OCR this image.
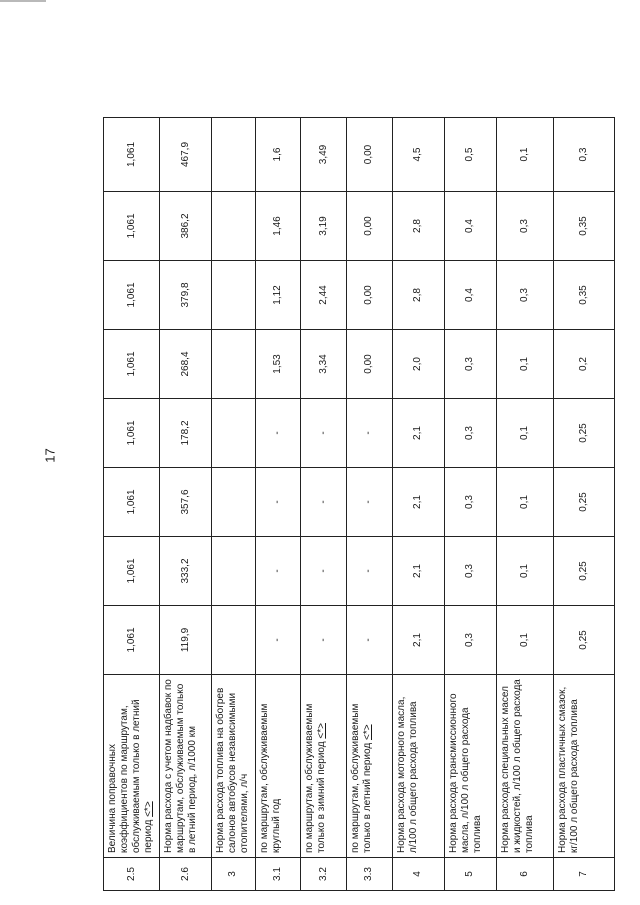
17
2.5	Величина поправочных коэффициентов по маршрутам, обслуживаемым только в летний период <*>	1,061	1,061	1,061	1,061	1,061	1,061	1,061	1,061
2.6	Норма расхода с учетом надбавок по маршрутам, обслуживаемым только в летний период, л/1000 км	119,9	333,2	357,6	178,2	268,4	379,8	386,2	467,9
3	Норма расхода топлива на обогрев салонов автобусов независимыми отопителями, л/ч								
3.1	по маршрутам, обслуживаемым круглый год	-	-	-	-	1,53	1,12	1,46	1,6
3.2	по маршрутам, обслуживаемым только в зимний период <*>	-	-	-	-	3,34	2,44	3,19	3,49
3.3	по маршрутам, обслуживаемым только в летний период <*>	-	-	-	-	0,00	0,00	0,00	0,00
4	Норма расхода моторного масла, л/100 л общего расхода топлива	2,1	2,1	2,1	2,1	2,0	2,8	2,8	4,5
5	Норма расхода трансмиссионного масла, л/100 л общего расхода топлива	0,3	0,3	0,3	0,3	0,3	0,4	0,4	0,5
6	Норма расхода специальных масел и жидкостей, л/100 л общего расхода топлива	0,1	0,1	0,1	0,1	0,1	0,3	0,3	0,1
7	Норма расхода пластичных смазок, кг/100 л общего расхода топлива	0,25	0,25	0,25	0,25	0,2	0,35	0,35	0,3
